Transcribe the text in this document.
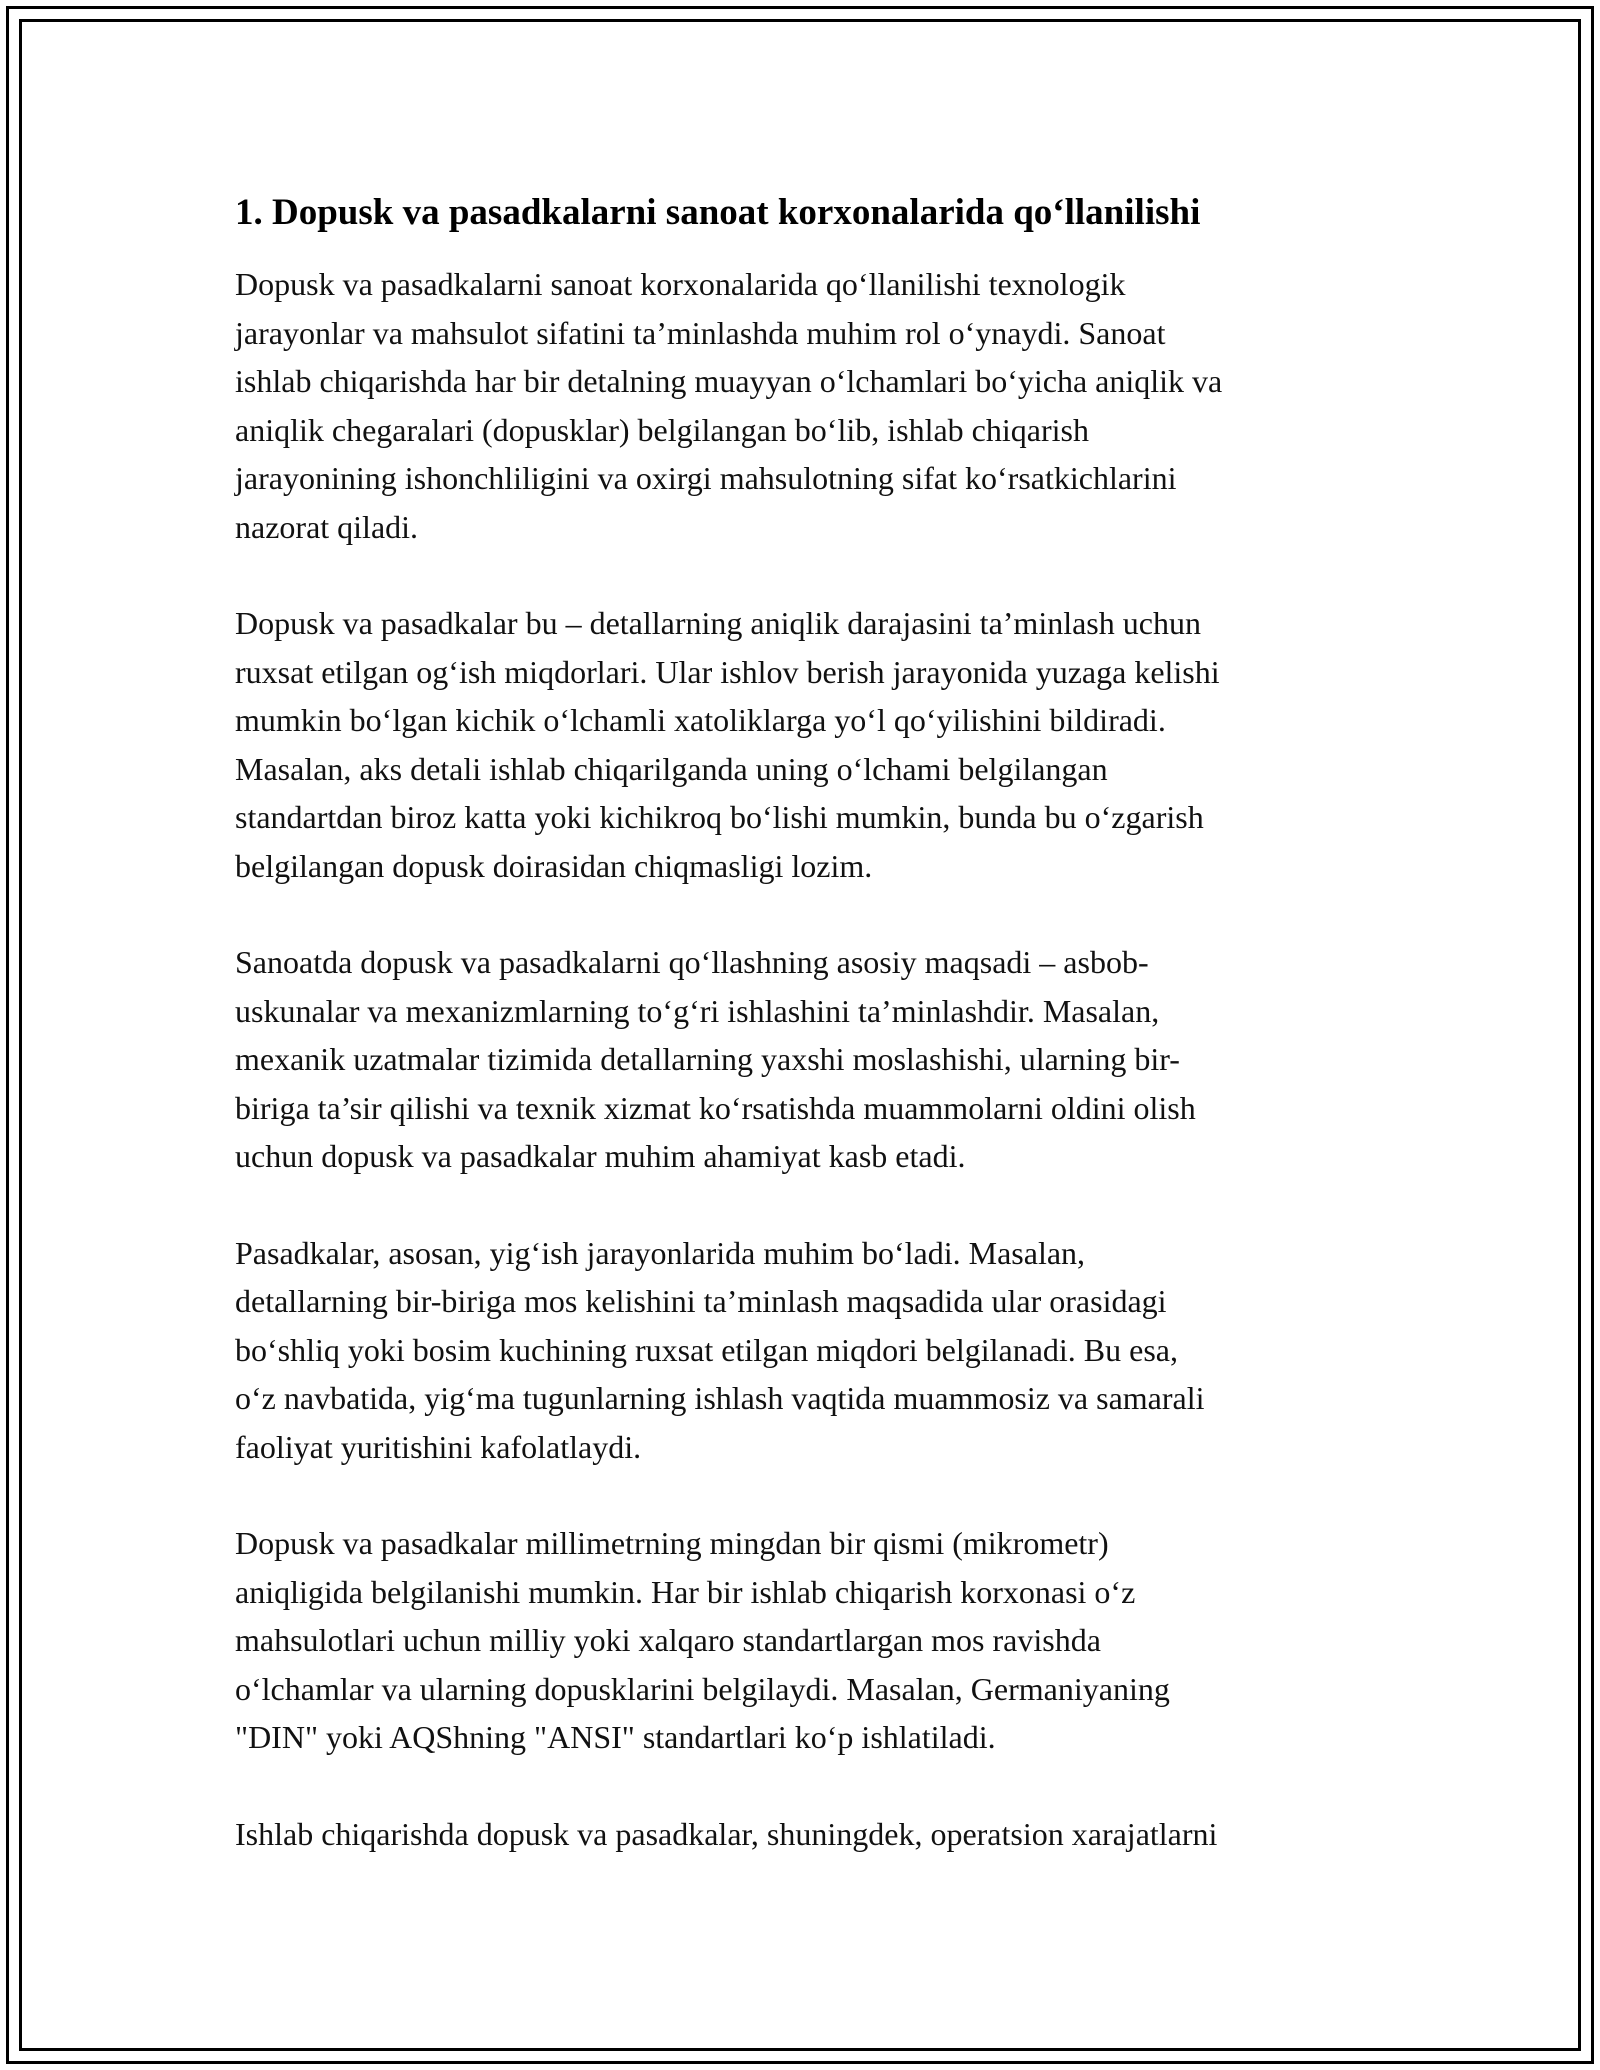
1. Dopusk va pasadkalarni sanoat korxonalarida qo‘llanilishi
Dopusk va pasadkalarni sanoat korxonalarida qo‘llanilishi texnologik
jarayonlar va mahsulot sifatini ta’minlashda muhim rol o‘ynaydi. Sanoat
ishlab chiqarishda har bir detalning muayyan o‘lchamlari bo‘yicha aniqlik va
aniqlik chegaralari (dopusklar) belgilangan bo‘lib, ishlab chiqarish
jarayonining ishonchliligini va oxirgi mahsulotning sifat ko‘rsatkichlarini
nazorat qiladi.
Dopusk va pasadkalar bu – detallarning aniqlik darajasini ta’minlash uchun
ruxsat etilgan og‘ish miqdorlari. Ular ishlov berish jarayonida yuzaga kelishi
mumkin bo‘lgan kichik o‘lchamli xatoliklarga yo‘l qo‘yilishini bildiradi.
Masalan, aks detali ishlab chiqarilganda uning o‘lchami belgilangan
standartdan biroz katta yoki kichikroq bo‘lishi mumkin, bunda bu o‘zgarish
belgilangan dopusk doirasidan chiqmasligi lozim.
Sanoatda dopusk va pasadkalarni qo‘llashning asosiy maqsadi – asbob-
uskunalar va mexanizmlarning to‘g‘ri ishlashini ta’minlashdir. Masalan,
mexanik uzatmalar tizimida detallarning yaxshi moslashishi, ularning bir-
biriga ta’sir qilishi va texnik xizmat ko‘rsatishda muammolarni oldini olish
uchun dopusk va pasadkalar muhim ahamiyat kasb etadi.
Pasadkalar, asosan, yig‘ish jarayonlarida muhim bo‘ladi. Masalan,
detallarning bir-biriga mos kelishini ta’minlash maqsadida ular orasidagi
bo‘shliq yoki bosim kuchining ruxsat etilgan miqdori belgilanadi. Bu esa,
o‘z navbatida, yig‘ma tugunlarning ishlash vaqtida muammosiz va samarali
faoliyat yuritishini kafolatlaydi.
Dopusk va pasadkalar millimetrning mingdan bir qismi (mikrometr)
aniqligida belgilanishi mumkin. Har bir ishlab chiqarish korxonasi o‘z
mahsulotlari uchun milliy yoki xalqaro standartlargan mos ravishda
o‘lchamlar va ularning dopusklarini belgilaydi. Masalan, Germaniyaning
"DIN" yoki AQShning "ANSI" standartlari ko‘p ishlatiladi.
Ishlab chiqarishda dopusk va pasadkalar, shuningdek, operatsion xarajatlarni
